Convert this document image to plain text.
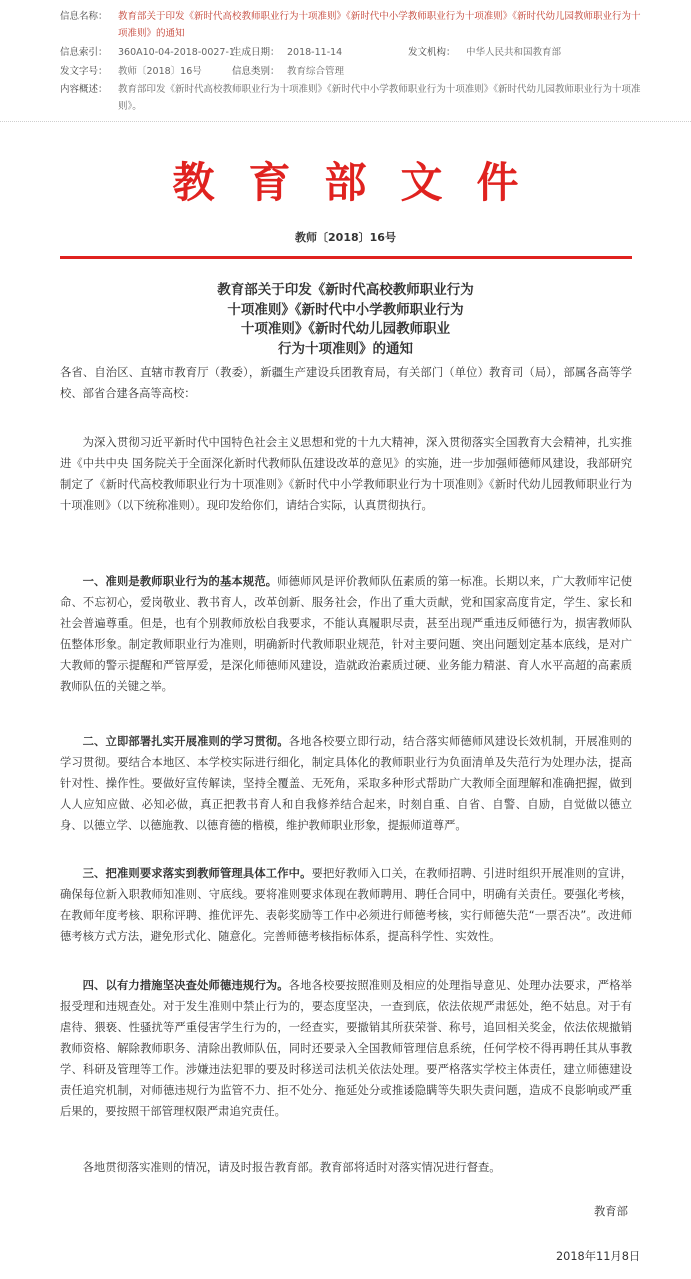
信息名称： 教育部关于印发《新时代高校教师职业行为十项准则》《新时代中小学教师职业行为十项准则》《新时代幼儿园教师职业行为十项准则》的通知
信息索引： 360A10-04-2018-0027-1
生成日期： 2018-11-14	发文机构： 中华人民共和国教育部
发文字号： 教师〔2018〕16号	信息类别： 教育综合管理
内容概述： 教育部印发《新时代高校教师职业行为十项准则》《新时代中小学教师职业行为十项准则》《新时代幼儿园教师职业行为十项准则》。
教育部文件
教师〔2018〕16号
教育部关于印发《新时代高校教师职业行为
十项准则》《新时代中小学教师职业行为
十项准则》《新时代幼儿园教师职业
行为十项准则》的通知
各省、自治区、直辖市教育厅（教委），新疆生产建设兵团教育局，有关部门（单位）教育司（局），部属各高等学校、部省合建各高等高校：
为深入贯彻习近平新时代中国特色社会主义思想和党的十九大精神，深入贯彻落实全国教育大会精神，扎实推进《中共中央 国务院关于全面深化新时代教师队伍建设改革的意见》的实施，进一步加强师德师风建设，我部研究制定了《新时代高校教师职业行为十项准则》《新时代中小学教师职业行为十项准则》《新时代幼儿园教师职业行为十项准则》（以下统称准则）。现印发给你们，请结合实际，认真贯彻执行。
一、准则是教师职业行为的基本规范。师德师风是评价教师队伍素质的第一标准。长期以来，广大教师牢记使命、不忘初心，爱岗敬业、教书育人，改革创新、服务社会，作出了重大贡献，党和国家高度肯定，学生、家长和社会普遍尊重。但是，也有个别教师放松自我要求，不能认真履职尽责，甚至出现严重违反师德行为，损害教师队伍整体形象。制定教师职业行为准则，明确新时代教师职业规范，针对主要问题、突出问题划定基本底线，是对广大教师的警示提醒和严管厚爱，是深化师德师风建设，造就政治素质过硬、业务能力精湛、育人水平高超的高素质教师队伍的关键之举。
二、立即部署扎实开展准则的学习贯彻。各地各校要立即行动，结合落实师德师风建设长效机制，开展准则的学习贯彻。要结合本地区、本学校实际进行细化，制定具体化的教师职业行为负面清单及失范行为处理办法，提高针对性、操作性。要做好宣传解读，坚持全覆盖、无死角，采取多种形式帮助广大教师全面理解和准确把握，做到人人应知应做、必知必做，真正把教书育人和自我修养结合起来，时刻自重、自省、自警、自励，自觉做以德立身、以德立学、以德施教、以德育德的楷模，维护教师职业形象，提振师道尊严。
三、把准则要求落实到教师管理具体工作中。要把好教师入口关，在教师招聘、引进时组织开展准则的宣讲，确保每位新入职教师知准则、守底线。要将准则要求体现在教师聘用、聘任合同中，明确有关责任。要强化考核，在教师年度考核、职称评聘、推优评先、表彰奖励等工作中必须进行师德考核，实行师德失范“一票否决”。改进师德考核方式方法，避免形式化、随意化。完善师德考核指标体系，提高科学性、实效性。
四、以有力措施坚决查处师德违规行为。各地各校要按照准则及相应的处理指导意见、处理办法要求，严格举报受理和违规查处。对于发生准则中禁止行为的，要态度坚决，一查到底，依法依规严肃惩处，绝不姑息。对于有虐待、猥亵、性骚扰等严重侵害学生行为的，一经查实，要撤销其所获荣誉、称号，追回相关奖金，依法依规撤销教师资格、解除教师职务、清除出教师队伍，同时还要录入全国教师管理信息系统，任何学校不得再聘任其从事教学、科研及管理等工作。涉嫌违法犯罪的要及时移送司法机关依法处理。要严格落实学校主体责任，建立师德建设责任追究机制，对师德违规行为监管不力、拒不处分、拖延处分或推诿隐瞒等失职失责问题，造成不良影响或严重后果的，要按照干部管理权限严肃追究责任。
各地贯彻落实准则的情况，请及时报告教育部。教育部将适时对落实情况进行督查。
教育部
2018年11月8日
